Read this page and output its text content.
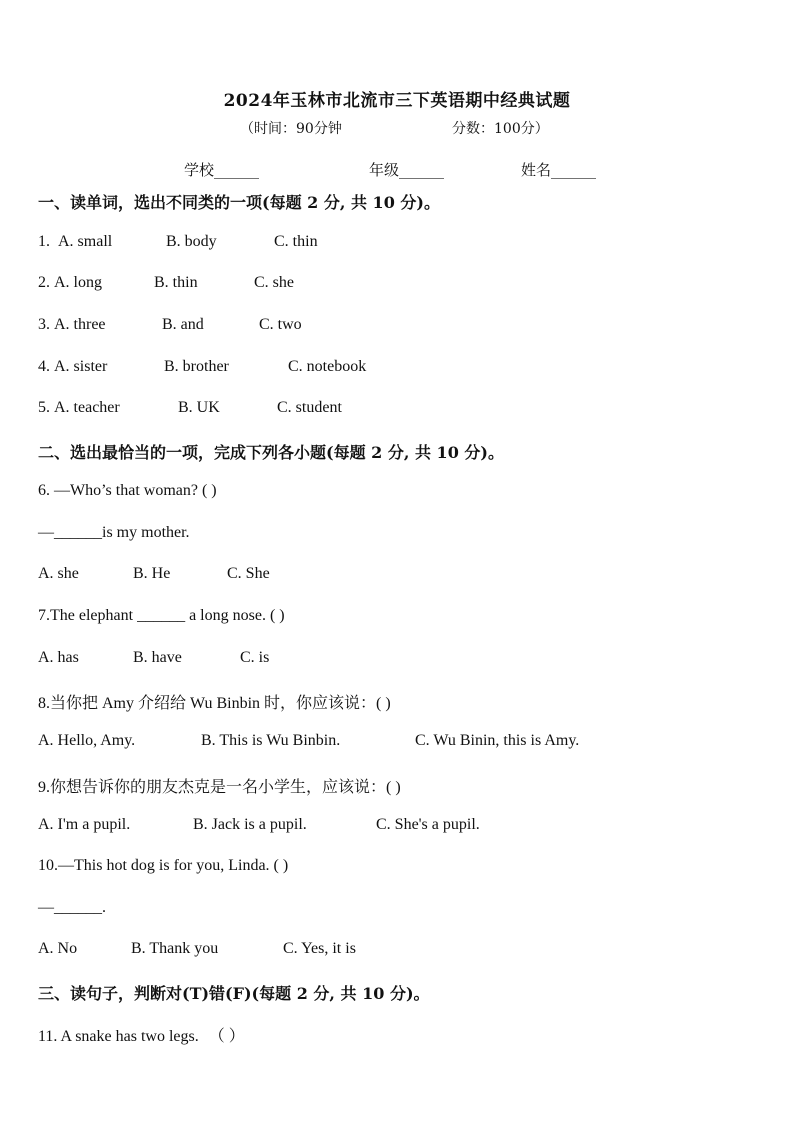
2024年玉林市北流市三下英语期中经典试题
（时间：90分钟	分数：100分）
学校______	年级______	姓名______
一、读单词，选出不同类的一项(每题 2 分, 共 10 分)。
1. A. small	B. body	C. thin
2. A. long	B. thin	C. she
3. A. three	B. and	C. two
4. A. sister	B. brother	C. notebook
5. A. teacher	B. UK	C. student
二、选出最恰当的一项，完成下列各小题(每题 2 分, 共 10 分)。
6. —Who’s that woman? ( )
—______is my mother.
A. she	B. He	C. She
7.The elephant ______ a long nose. ( )
A. has	B. have	C. is
8.当你把 Amy 介绍给 Wu Binbin 时，你应该说：( )
A. Hello, Amy.	B. This is Wu Binbin.	C. Wu Binin, this is Amy.
9.你想告诉你的朋友杰克是一名小学生，应该说：( )
A. I'm a pupil.	B. Jack is a pupil.	C. She's a pupil.
10.—This hot dog is for you, Linda. ( )
—______.
A. No	B. Thank you	C. Yes, it is
三、读句子，判断对(T)错(F)(每题 2 分, 共 10 分)。
11. A snake has two legs. （ ）
